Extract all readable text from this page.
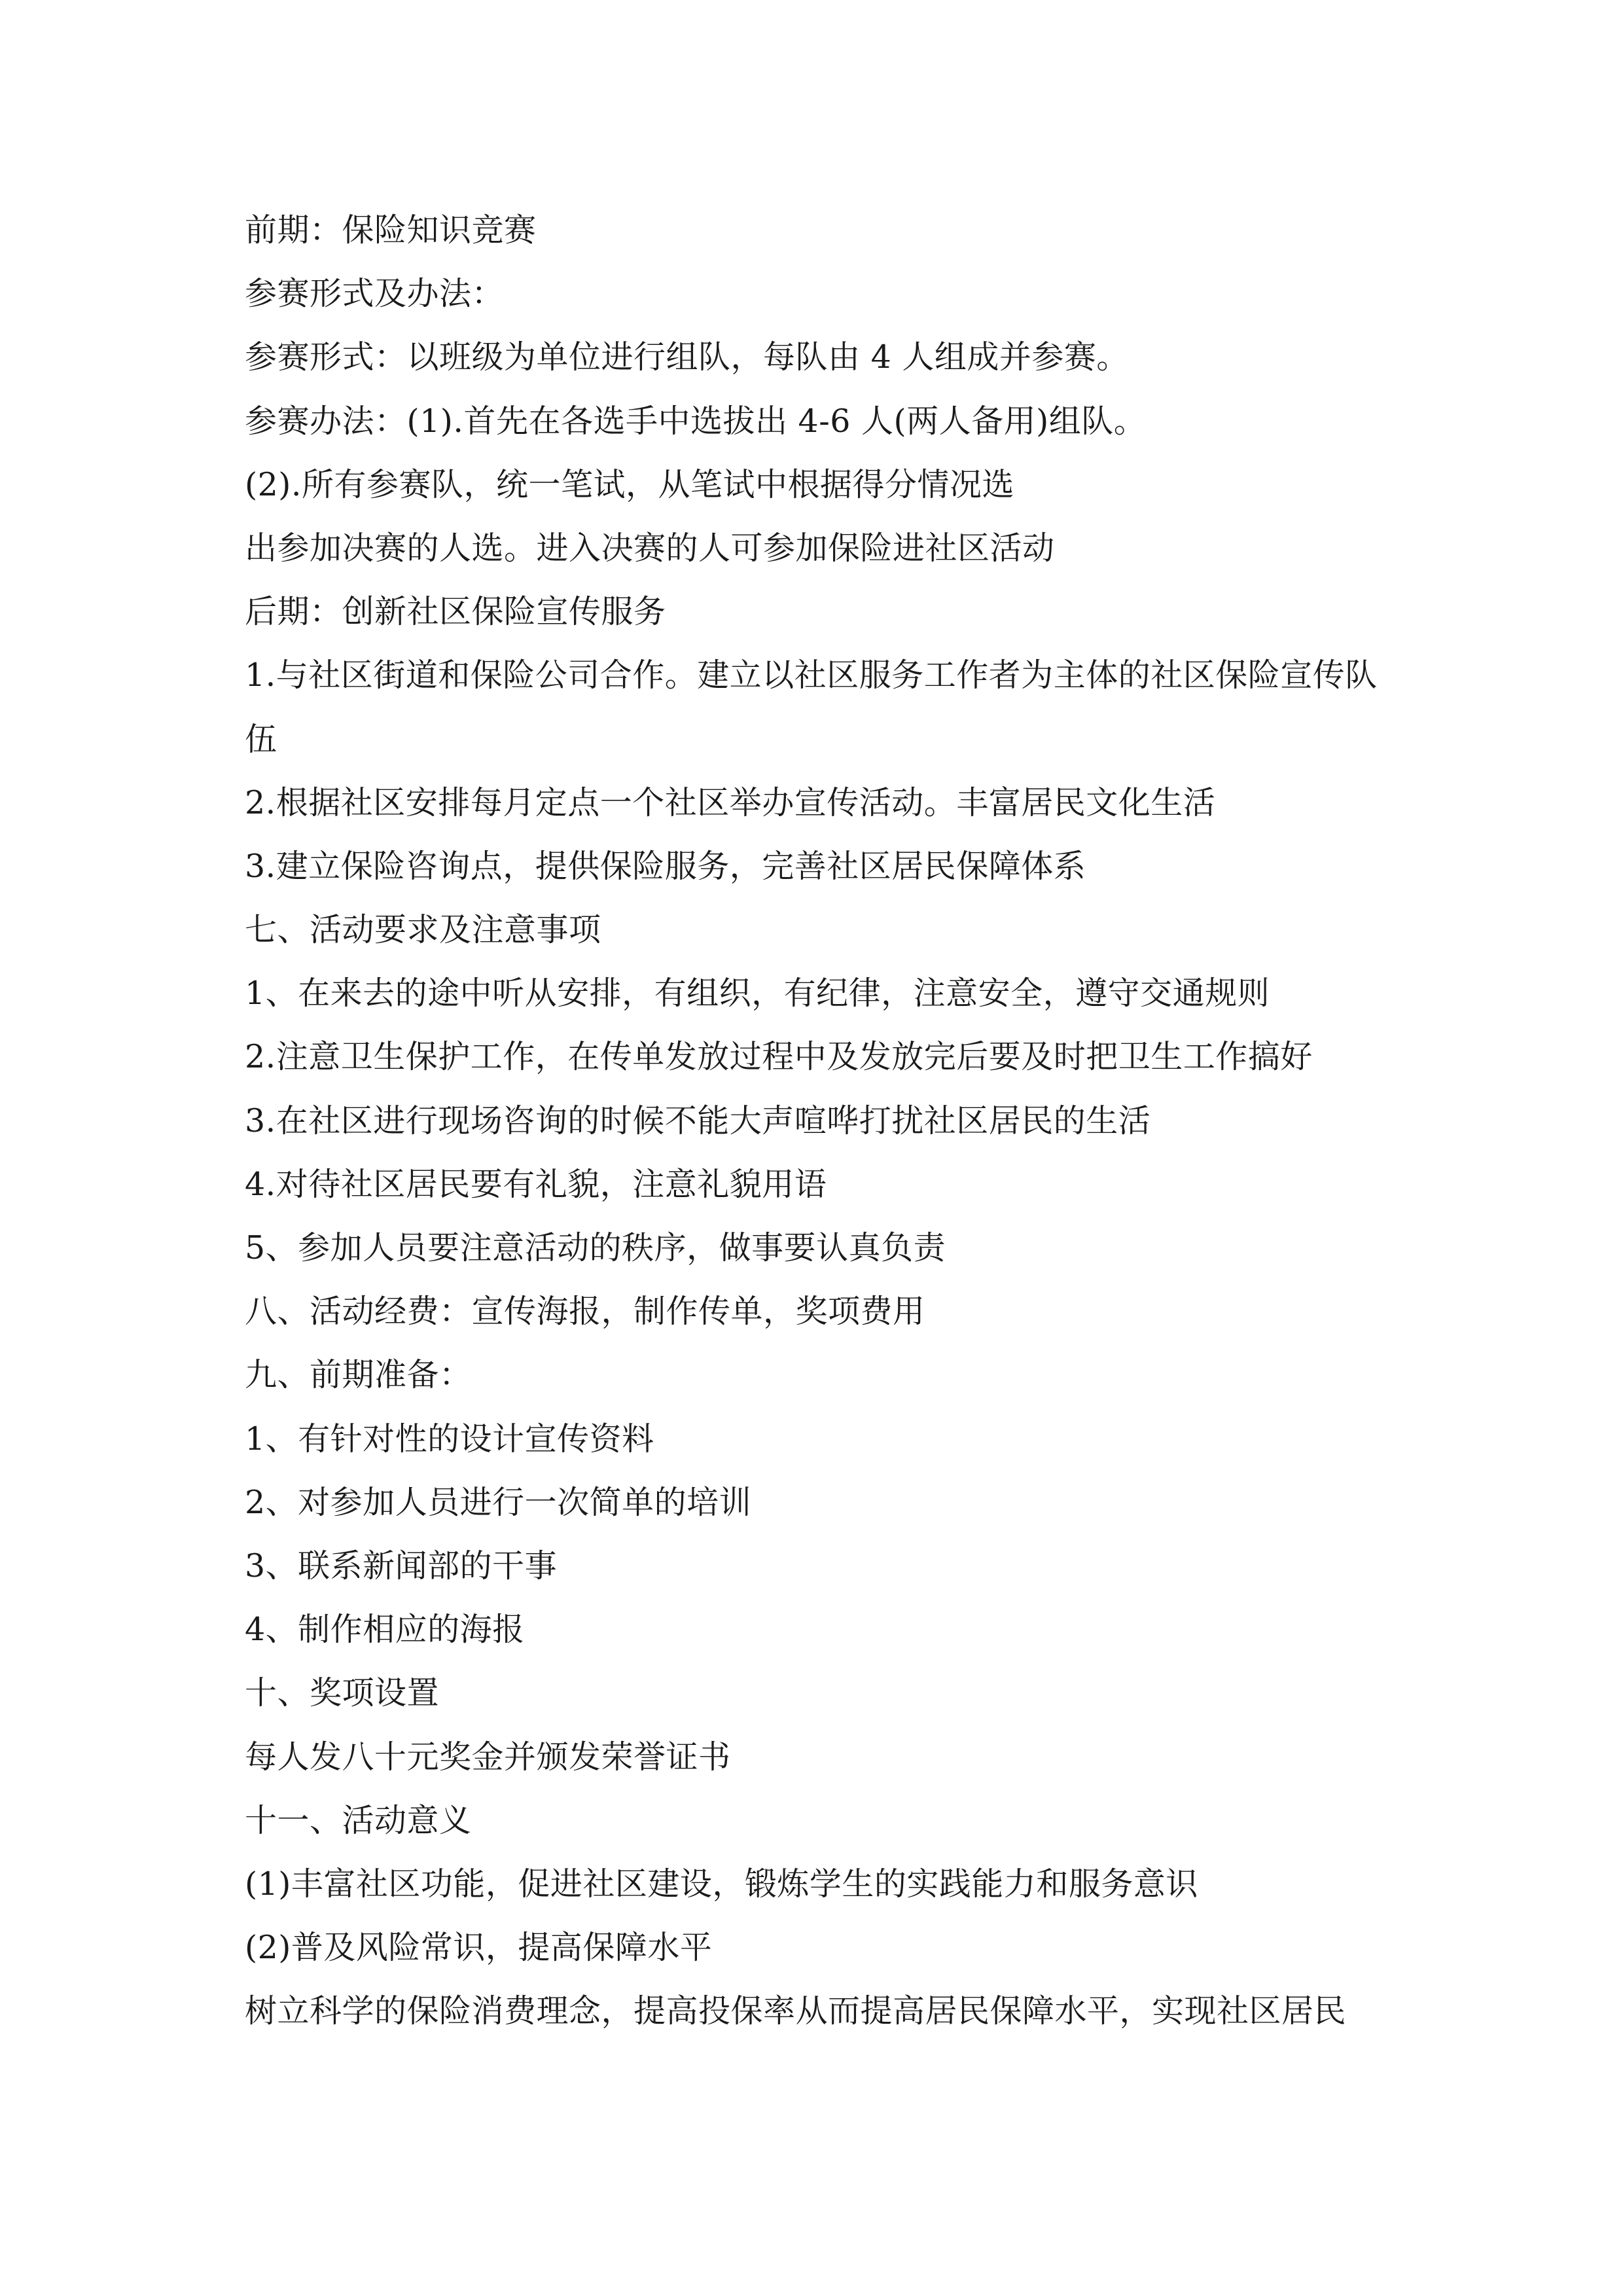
前期：保险知识竞赛
参赛形式及办法：
参赛形式：以班级为单位进行组队，每队由 4 人组成并参赛。
参赛办法：(1).首先在各选手中选拔出 4-6 人(两人备用)组队。
(2).所有参赛队，统一笔试，从笔试中根据得分情况选
出参加决赛的人选。进入决赛的人可参加保险进社区活动
后期：创新社区保险宣传服务
1.与社区街道和保险公司合作。建立以社区服务工作者为主体的社区保险宣传队
伍
2.根据社区安排每月定点一个社区举办宣传活动。丰富居民文化生活
3.建立保险咨询点，提供保险服务，完善社区居民保障体系
七、活动要求及注意事项
1、在来去的途中听从安排，有组织，有纪律，注意安全，遵守交通规则
2.注意卫生保护工作，在传单发放过程中及发放完后要及时把卫生工作搞好
3.在社区进行现场咨询的时候不能大声喧哗打扰社区居民的生活
4.对待社区居民要有礼貌，注意礼貌用语
5、参加人员要注意活动的秩序，做事要认真负责
八、活动经费：宣传海报，制作传单，奖项费用
九、前期准备：
1、有针对性的设计宣传资料
2、对参加人员进行一次简单的培训
3、联系新闻部的干事
4、制作相应的海报
十、奖项设置
每人发八十元奖金并颁发荣誉证书
十一、活动意义
(1)丰富社区功能，促进社区建设，锻炼学生的实践能力和服务意识
(2)普及风险常识，提高保障水平
树立科学的保险消费理念，提高投保率从而提高居民保障水平，实现社区居民
